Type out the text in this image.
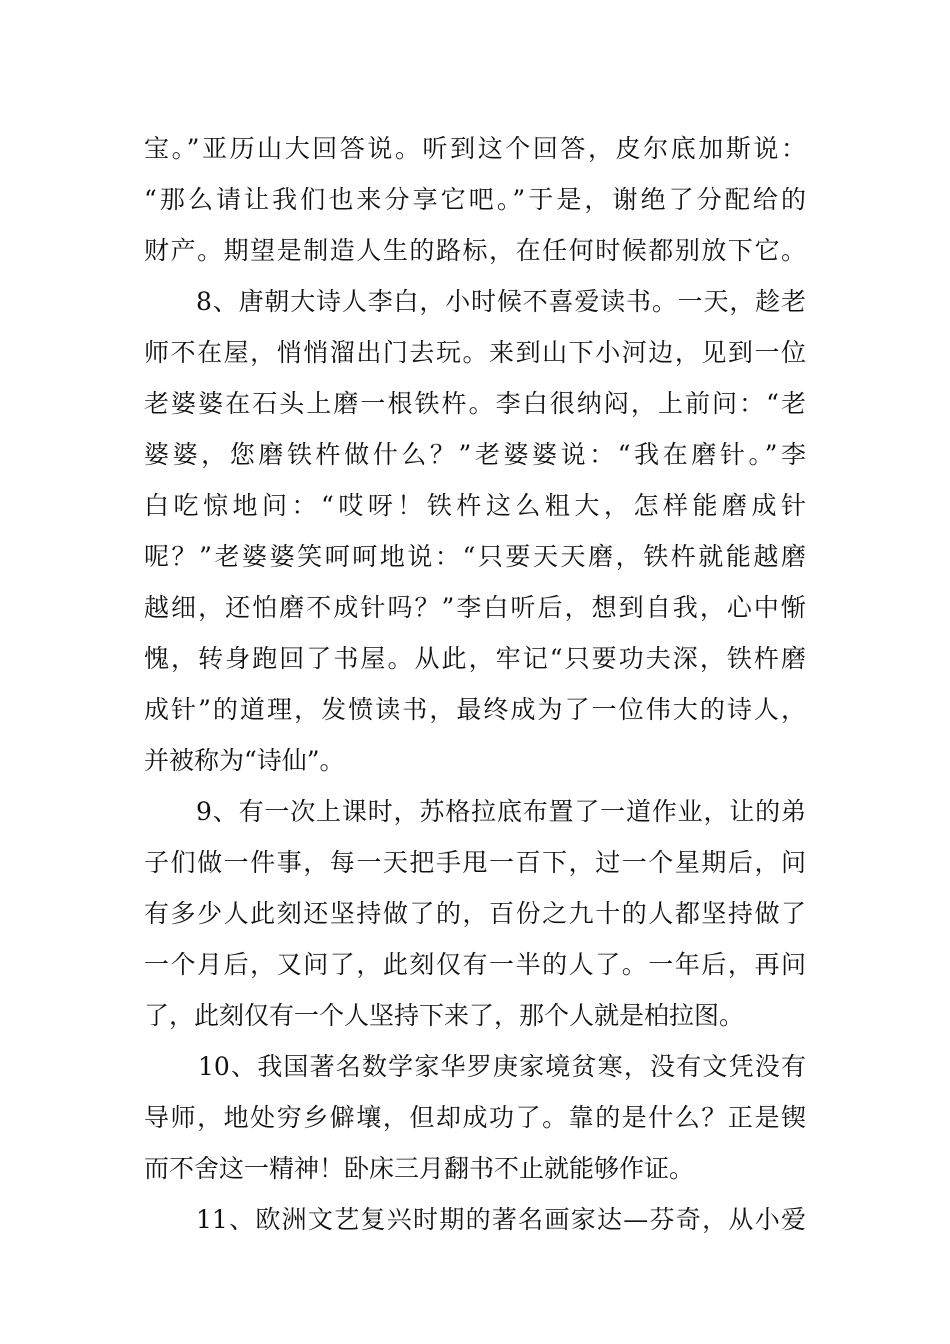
宝。”亚历山大回答说。听到这个回答，皮尔底加斯说：

“那么请让我们也来分享它吧。”于是，谢绝了分配给的

财产。期望是制造人生的路标，在任何时候都别放下它。

8、唐朝大诗人李白，小时候不喜爱读书。一天，趁老

师不在屋，悄悄溜出门去玩。来到山下小河边，见到一位

老婆婆在石头上磨一根铁杵。李白很纳闷，上前问：“老

婆婆，您磨铁杵做什么？”老婆婆说：“我在磨针。”李

白吃惊地问：“哎呀！铁杵这么粗大，怎样能磨成针

呢？”老婆婆笑呵呵地说：“只要天天磨，铁杵就能越磨

越细，还怕磨不成针吗？”李白听后，想到自我，心中惭

愧，转身跑回了书屋。从此，牢记“只要功夫深，铁杵磨

成针”的道理，发愤读书，最终成为了一位伟大的诗人，

并被称为“诗仙”。

9、有一次上课时，苏格拉底布置了一道作业，让的弟

子们做一件事，每一天把手甩一百下，过一个星期后，问

有多少人此刻还坚持做了的，百份之九十的人都坚持做了

一个月后，又问了，此刻仅有一半的人了。一年后，再问

了，此刻仅有一个人坚持下来了，那个人就是柏拉图。

10、我国著名数学家华罗庚家境贫寒，没有文凭没有

导师，地处穷乡僻壤，但却成功了。靠的是什么？正是锲

而不舍这一精神！卧床三月翻书不止就能够作证。

11、欧洲文艺复兴时期的著名画家达—芬奇，从小爱
